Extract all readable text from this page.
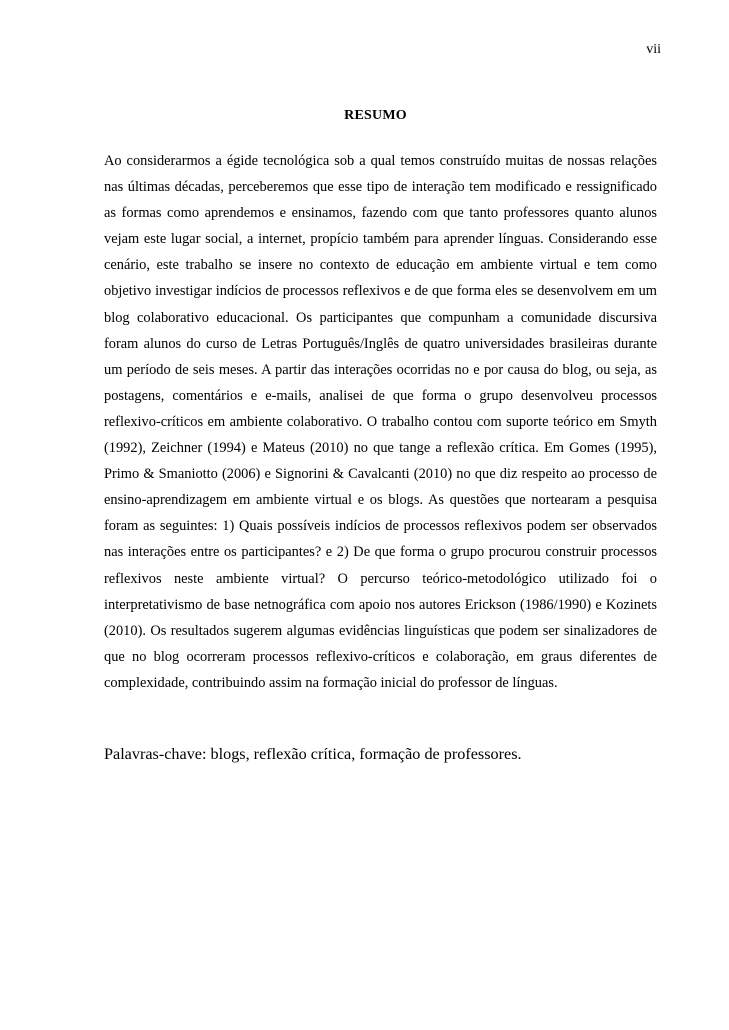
vii
RESUMO

Ao considerarmos a égide tecnológica sob a qual temos construído muitas de nossas relações nas últimas décadas, perceberemos que esse tipo de interação tem modificado e ressignificado as formas como aprendemos e ensinamos, fazendo com que tanto professores quanto alunos vejam este lugar social, a internet, propício também para aprender línguas. Considerando esse cenário, este trabalho se insere no contexto de educação em ambiente virtual e tem como objetivo investigar indícios de processos reflexivos e de que forma eles se desenvolvem em um blog colaborativo educacional. Os participantes que compunham a comunidade discursiva foram alunos do curso de Letras Português/Inglês de quatro universidades brasileiras durante um período de seis meses. A partir das interações ocorridas no e por causa do blog, ou seja, as postagens, comentários e e-mails, analisei de que forma o grupo desenvolveu processos reflexivo-críticos em ambiente colaborativo. O trabalho contou com suporte teórico em Smyth (1992), Zeichner (1994) e Mateus (2010) no que tange a reflexão crítica. Em Gomes (1995), Primo & Smaniotto (2006) e Signorini & Cavalcanti (2010) no que diz respeito ao processo de ensino-aprendizagem em ambiente virtual e os blogs. As questões que nortearam a pesquisa foram as seguintes: 1) Quais possíveis indícios de processos reflexivos podem ser observados nas interações entre os participantes? e 2) De que forma o grupo procurou construir processos reflexivos neste ambiente virtual? O percurso teórico-metodológico utilizado foi o interpretativismo de base netnográfica com apoio nos autores Erickson (1986/1990) e Kozinets (2010). Os resultados sugerem algumas evidências linguísticas que podem ser sinalizadores de que no blog ocorreram processos reflexivo-críticos e colaboração, em graus diferentes de complexidade, contribuindo assim na formação inicial do professor de línguas.

Palavras-chave: blogs, reflexão crítica, formação de professores.
